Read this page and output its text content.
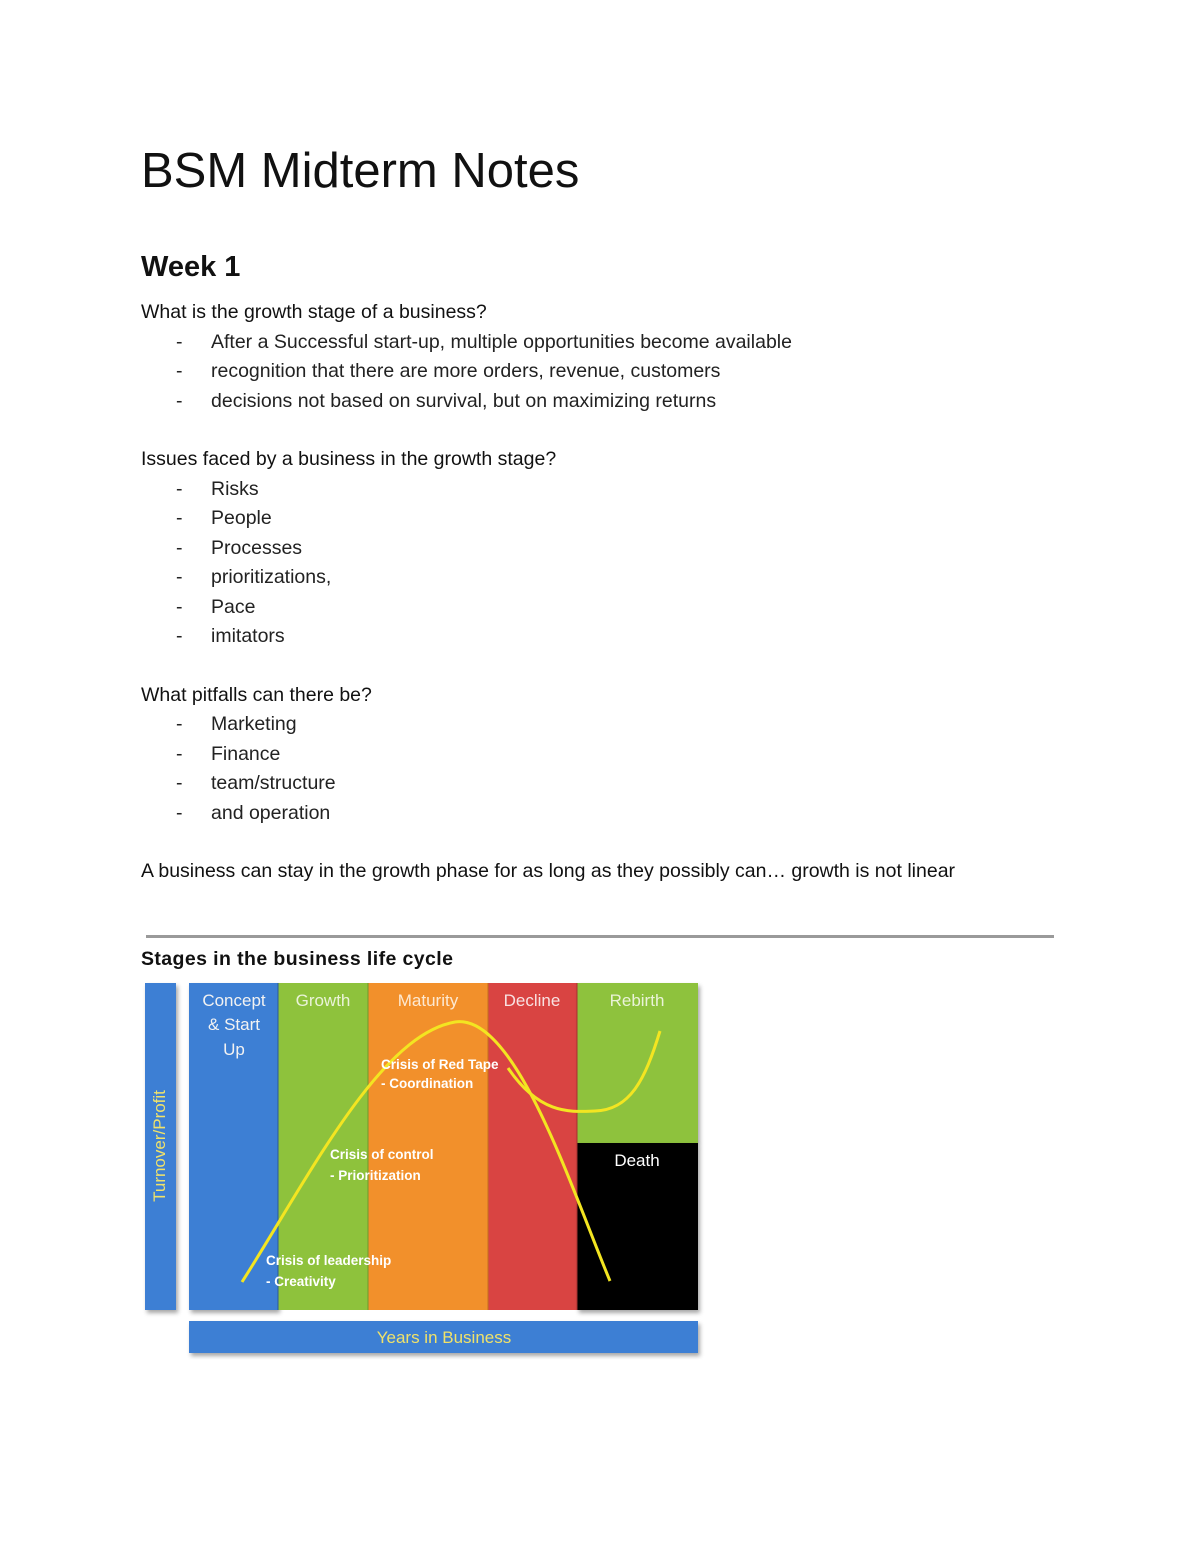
BSM Midterm Notes
Week 1

What is the growth stage of a business?

- After a Successful start-up, multiple opportunities become available
- recognition that there are more orders, revenue, customers
- decisions not based on survival, but on maximizing returns

Issues faced by a business in the growth stage?

- Risks
- People
- Processes
- prioritizations,
- Pace
- imitators

What pitfalls can there be?

- Marketing
- Finance
- team/structure
- and operation

A business can stay in the growth phase for as long as they possibly can… growth is not linear

Stages in the business life cycle

Turnover/Profit
Concept
& Start
Up
Growth	Maturity	Decline	Rebirth
Death
Crisis of leadership
- Creativity
Crisis of control
- Prioritization
Crisis of Red Tape
- Coordination
Years in Business
